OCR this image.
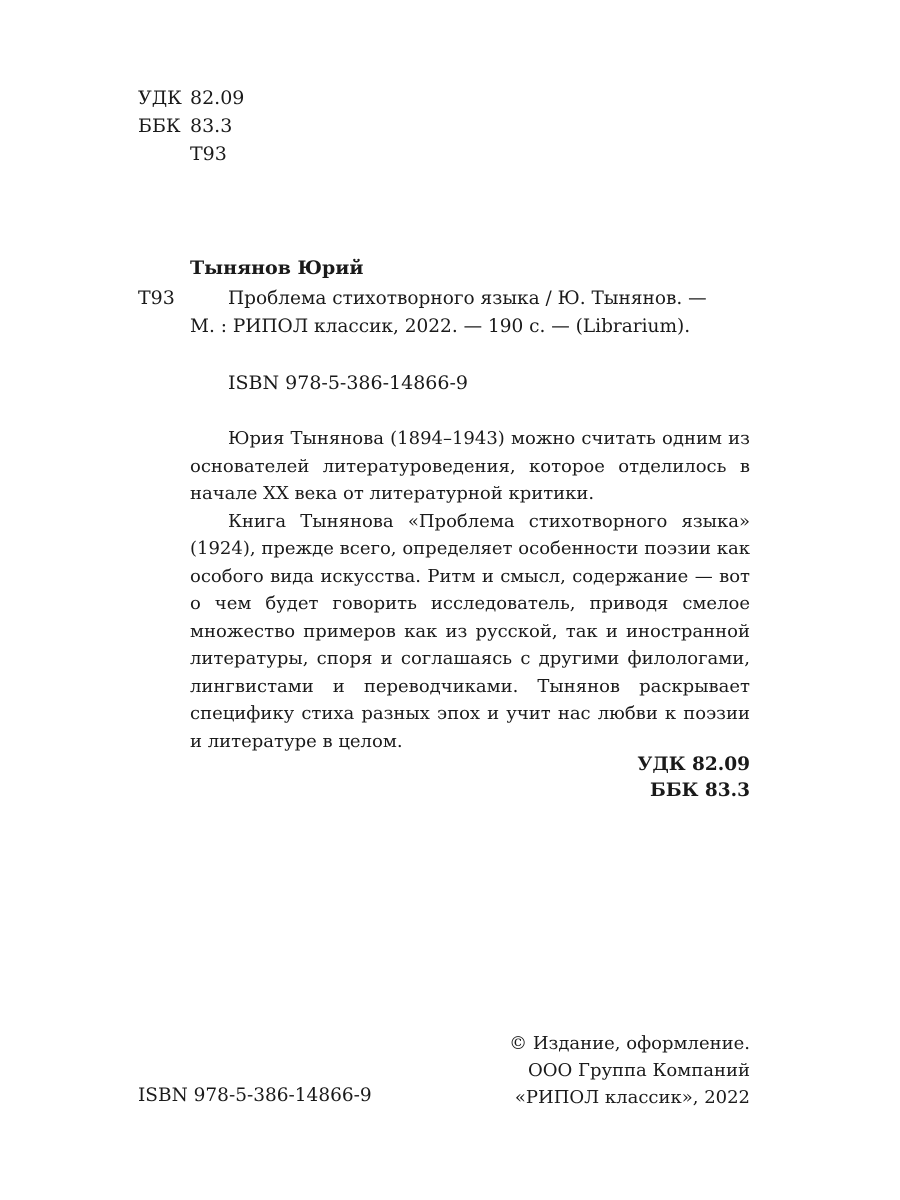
УДК 82.09
ББК 83.3
Т93
Тынянов Юрий
Т93	Проблема стихотворного языка / Ю. Тынянов. —
М. : РИПОЛ классик, 2022. — 190 с. — (Librarium).
ISBN 978-5-386-14866-9

Юрия Тынянова (1894–1943) можно считать одним из основателей литературоведения, которое отделилось в начале XX века от литературной критики.

Книга Тынянова «Проблема стихотворного языка» (1924), прежде всего, определяет особенности поэзии как особого вида искусства. Ритм и смысл, содержание — вот о чем будет говорить исследователь, приводя смелое множество примеров как из русской, так и иностранной литературы, споря и соглашаясь с другими филологами, лингвистами и переводчиками. Тынянов раскрывает специфику стиха разных эпох и учит нас любви к поэзии и литературе в целом.

УДК 82.09
ББК 83.3
© Издание, оформление.
ООО Группа Компаний
«РИПОЛ классик», 2022
ISBN 978-5-386-14866-9
